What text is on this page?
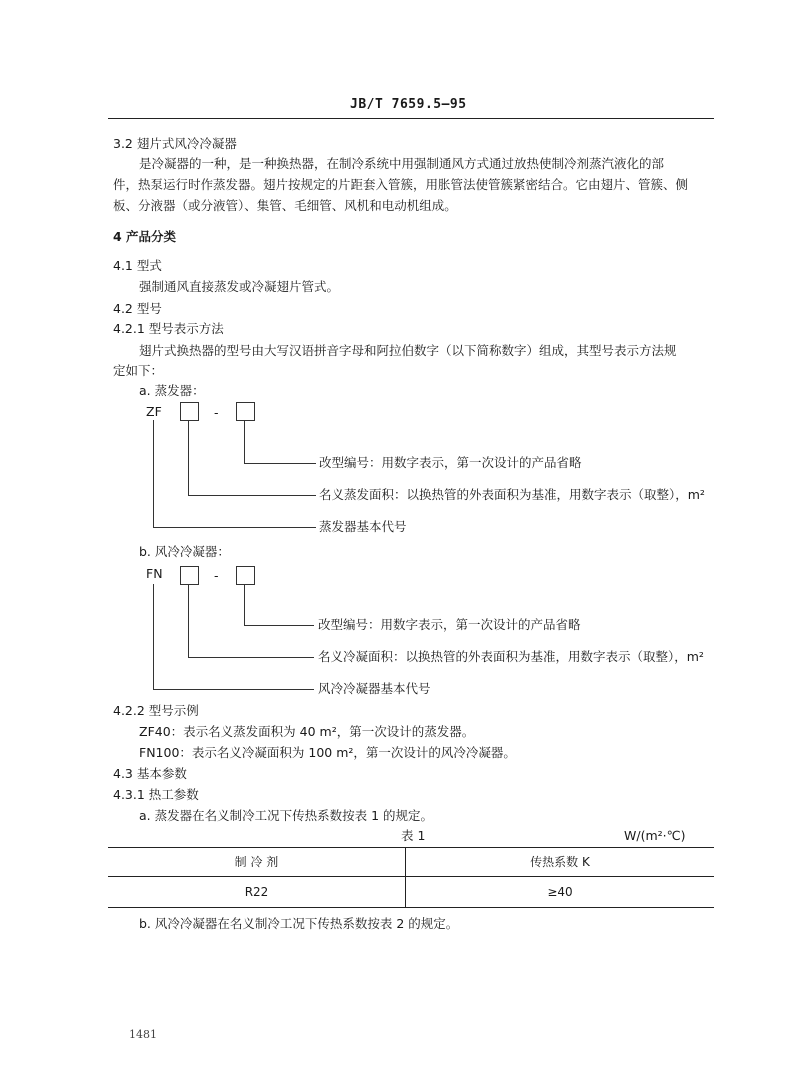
JB/T 7659.5—95
3.2 翅片式风冷冷凝器
是冷凝器的一种，是一种换热器，在制冷系统中用强制通风方式通过放热使制冷剂蒸汽液化的部
件，热泵运行时作蒸发器。翅片按规定的片距套入管簇，用胀管法使管簇紧密结合。它由翅片、管簇、侧
板、分液器（或分液管）、集管、毛细管、风机和电动机组成。
4 产品分类
4.1 型式
强制通风直接蒸发或冷凝翅片管式。
4.2 型号
4.2.1 型号表示方法
翅片式换热器的型号由大写汉语拼音字母和阿拉伯数字（以下简称数字）组成，其型号表示方法规
定如下：
a. 蒸发器：
ZF	-
改型编号：用数字表示，第一次设计的产品省略
名义蒸发面积：以换热管的外表面积为基准，用数字表示（取整），m²
蒸发器基本代号
b. 风冷冷凝器：
FN	-
改型编号：用数字表示，第一次设计的产品省略
名义冷凝面积：以换热管的外表面积为基准，用数字表示（取整），m²
风冷冷凝器基本代号
4.2.2 型号示例
ZF40：表示名义蒸发面积为 40 m²，第一次设计的蒸发器。
FN100：表示名义冷凝面积为 100 m²，第一次设计的风冷冷凝器。
4.3 基本参数
4.3.1 热工参数
a. 蒸发器在名义制冷工况下传热系数按表 1 的规定。
表 1	W/(m²·℃)
制 冷 剂	传热系数 K
R22	≥40
b. 风冷冷凝器在名义制冷工况下传热系数按表 2 的规定。
1481
